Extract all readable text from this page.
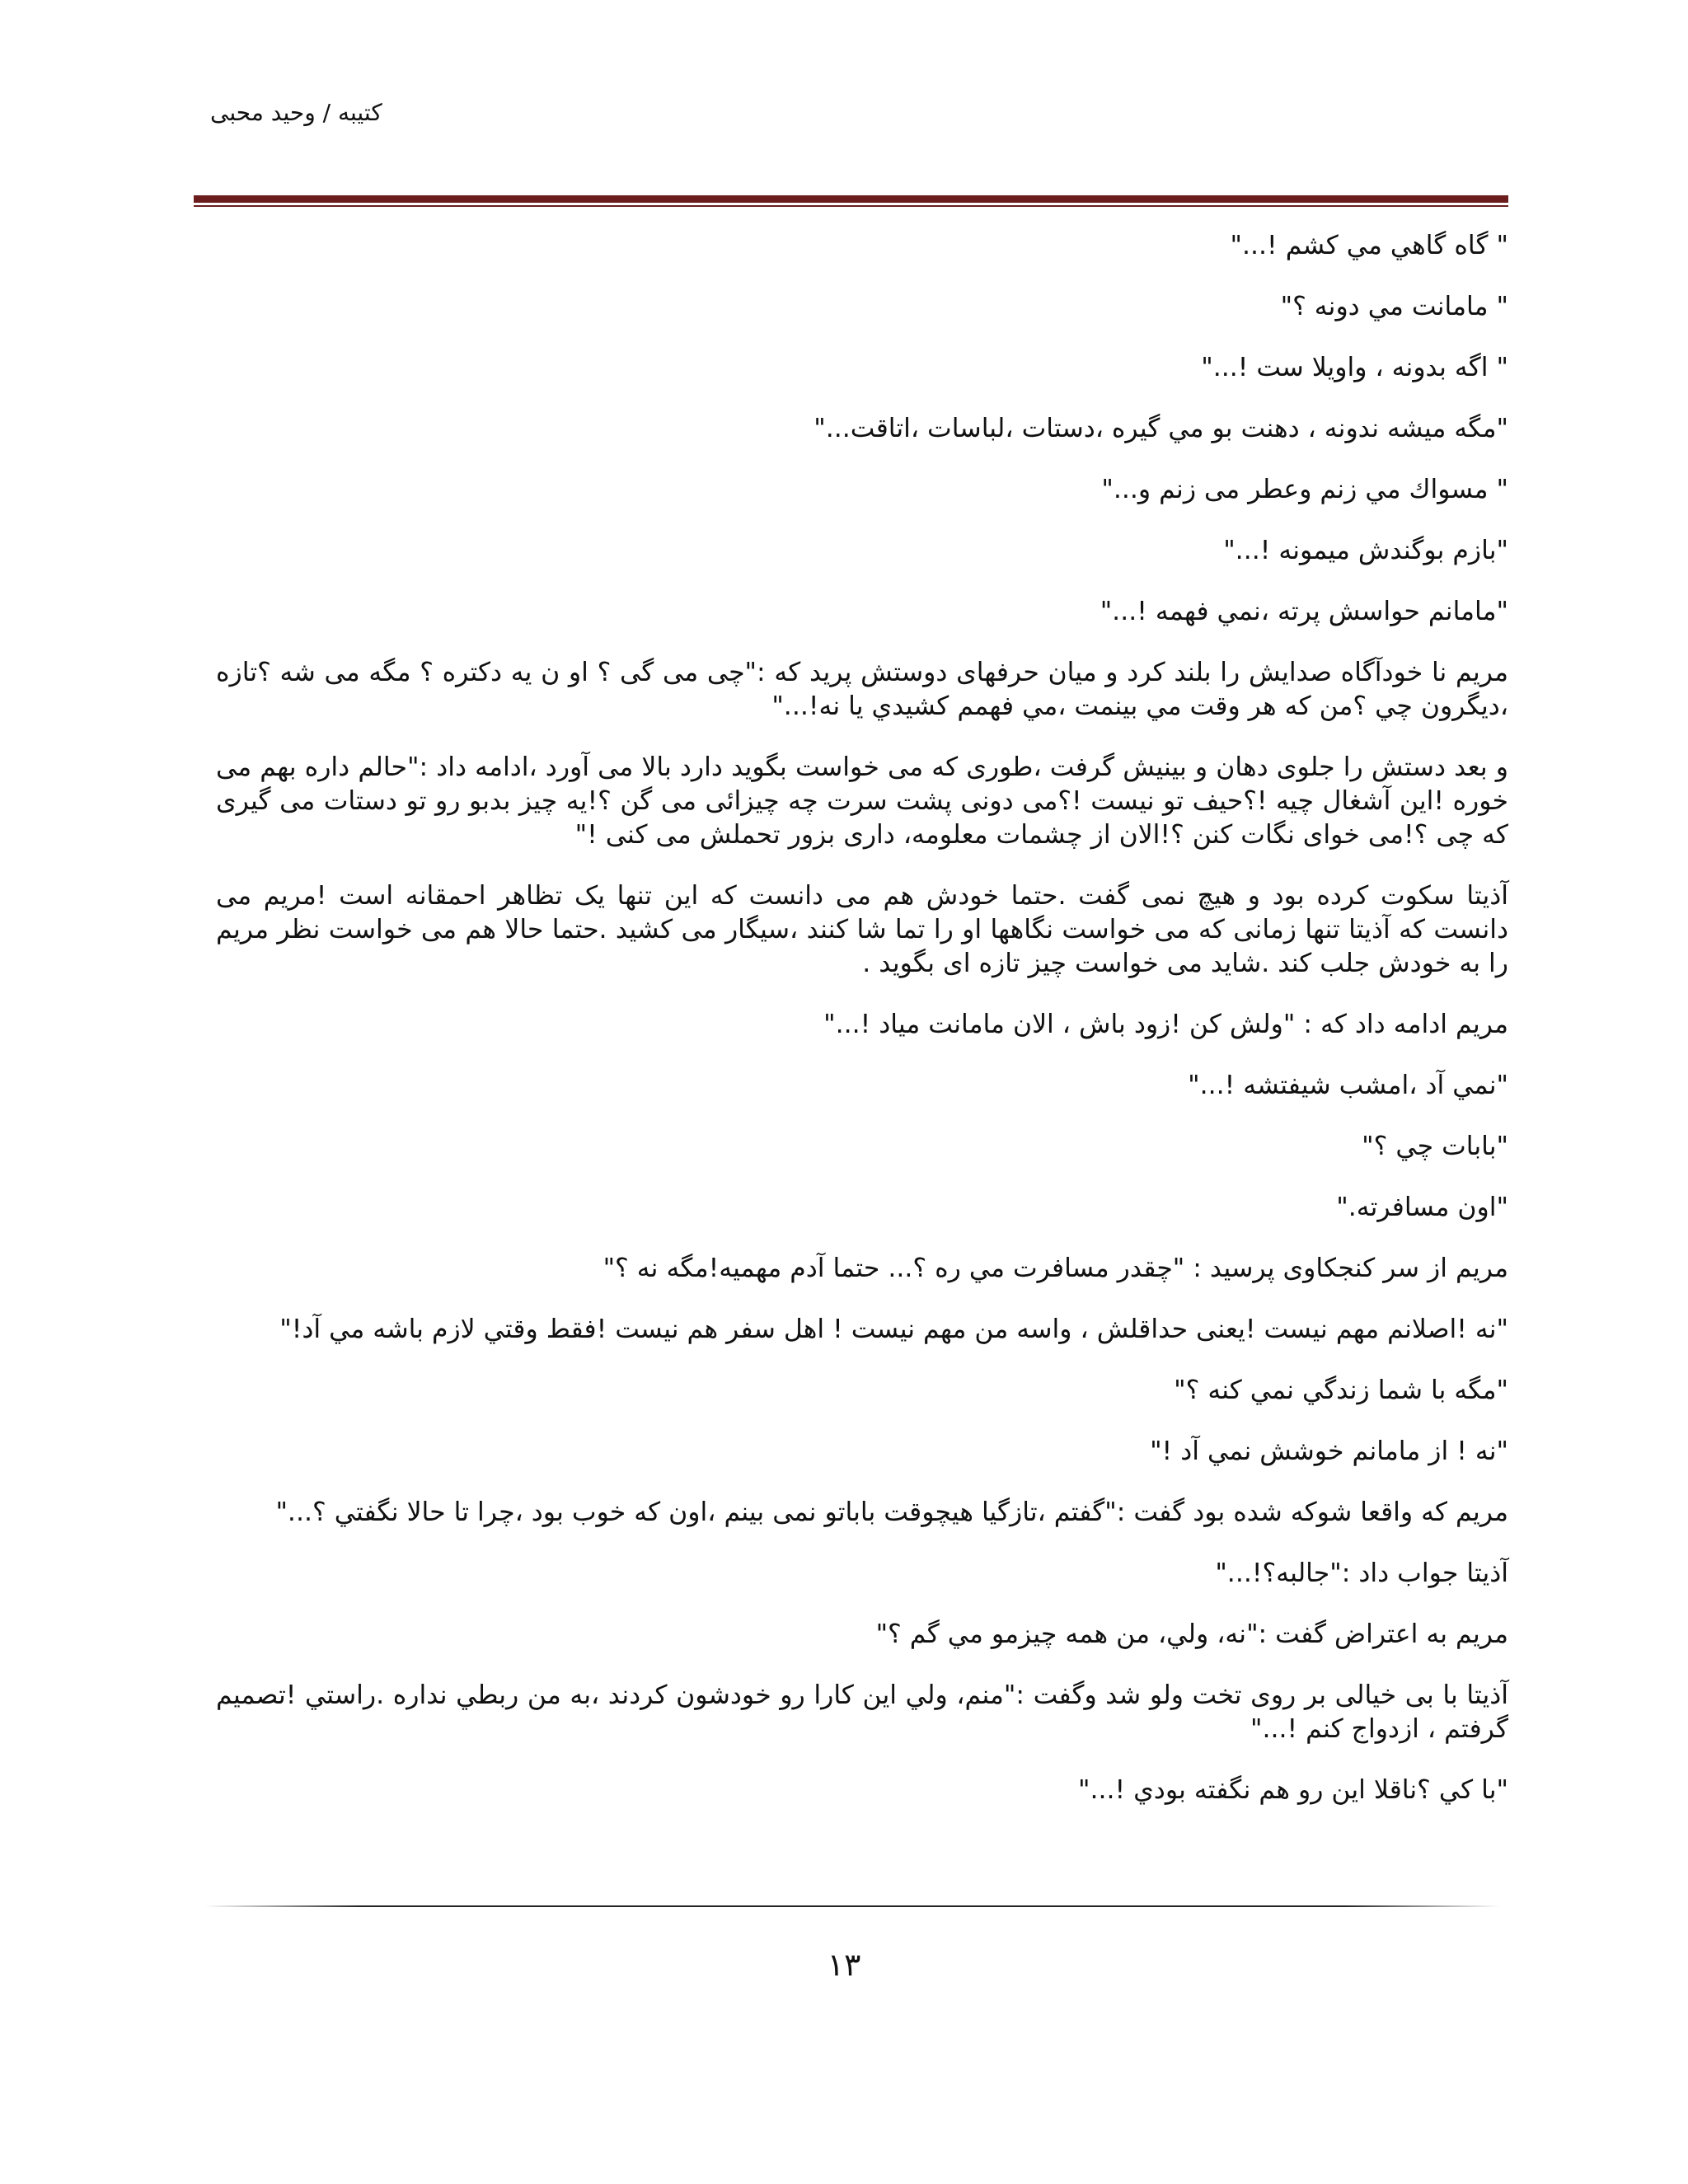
کتیبه / وحید محبی

" گاه گاهي مي کشم !..."

" مامانت مي دونه ؟"

" اگه بدونه ، واویلا ست !..."

"مگه میشه ندونه ، دهنت بو مي گیره ،دستات ،لباسات ،اتاقت..."

" مسواك مي زنم وعطر می زنم و..."

"بازم بوگندش میمونه !..."

"مامانم حواسش پرته ،نمي فهمه !..."

مریم نا خودآگاه صدایش را بلند کرد و میان حرفهای دوستش پرید که :"چی می گی ؟ او ن یه دکتره ؟ مگه می شه ؟تازه ،دیگرون چي ؟من که هر وقت مي بینمت ،مي فهمم کشیدي یا نه!..."

و بعد دستش را جلوی دهان و بینیش گرفت ،طوری که می خواست بگوید دارد بالا می آورد ،ادامه داد :"حالم داره بهم می خوره !این آشغال چیه !؟حیف تو نیست !؟می دونی پشت سرت چه چیزائی می گن ؟!یه چیز بدبو رو تو دستات می گیری که چی ؟!می خوای نگات کنن ؟!الان از چشمات معلومه، داری بزور تحملش می کنی !"

آذیتا سکوت کرده بود و هیچ نمی گفت .حتما خودش هم می دانست که این تنها یک تظاهر احمقانه است !مریم می دانست که آذیتا تنها زمانی که می خواست نگاهها او را تما شا کنند ،سیگار می کشید .حتما حالا هم می خواست نظر مریم را به خودش جلب کند .شاید می خواست چیز تازه ای بگوید .

مریم ادامه داد که : "ولش کن !زود باش ، الان مامانت میاد !..."

"نمي آد ،امشب شیفتشه !..."

"بابات چي ؟"

"اون مسافرته."

مریم از سر کنجکاوی پرسید : "چقدر مسافرت مي ره ؟... حتما آدم مهمیه!مگه نه ؟"

"نه !اصلانم مهم نیست !یعنی حداقلش ، واسه من مهم نیست ! اهل سفر هم نیست !فقط وقتي لازم باشه مي آد!"

"مگه با شما زندگي نمي کنه ؟"

"نه ! از مامانم خوشش نمي آد !"

مریم که واقعا شوکه شده بود گفت :"گفتم ،تازگیا هیچوقت باباتو نمی بینم ،اون که خوب بود ،چرا تا حالا نگفتي ؟..."

آذیتا جواب داد :"جالبه؟!..."

مریم به اعتراض گفت :"نه، ولي، من همه چیزمو مي گم ؟"

آذیتا با بی خیالی بر روی تخت ولو شد وگفت :"منم، ولي این کارا رو خودشون کردند ،به من ربطي نداره .راستي !تصمیم گرفتم ، ازدواج کنم !..."

"با کي ؟ناقلا این رو هم نگفته بودي !..."

۱۳
